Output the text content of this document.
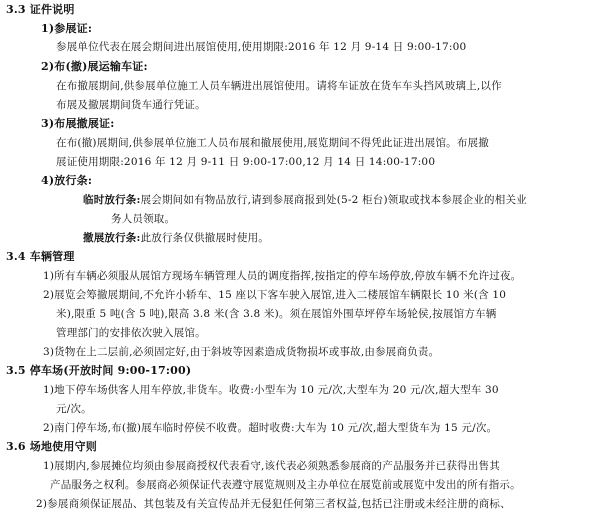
3.3 证件说明
1)参展证:
参展单位代表在展会期间进出展馆使用,使用期限:2016 年 12 月 9-14 日 9:00-17:00
2)布(撤)展运输车证:
在布撤展期间,供参展单位施工人员车辆进出展馆使用。请将车证放在货车车头挡风玻璃上,以作
布展及撤展期间货车通行凭证。
3)布展撤展证:
在布(撤)展期间,供参展单位施工人员布展和撤展使用,展览期间不得凭此证进出展馆。布展撤
展证使用期限:2016 年 12 月 9-11 日 9:00-17:00,12 月 14 日 14:00-17:00
4)放行条:
临时放行条:展会期间如有物品放行,请到参展商报到处(5-2 柜台)领取或找本参展企业的相关业
务人员领取。
撤展放行条:此放行条仅供撤展时使用。
3.4 车辆管理
1)所有车辆必须服从展馆方现场车辆管理人员的调度指挥,按指定的停车场停放,停放车辆不允许过夜。
2)展览会筹撤展期间,不允许小轿车、15 座以下客车驶入展馆,进入二楼展馆车辆限长 10 米(含 10
米),限重 5 吨(含 5 吨),限高 3.8 米(含 3.8 米)。须在展馆外围草坪停车场轮侯,按展馆方车辆
管理部门的安排依次驶入展馆。
3)货物在上二层前,必须固定好,由于斜坡等因素造成货物损坏或事故,由参展商负责。
3.5 停车场(开放时间 9:00-17:00)
1)地下停车场供客人用车停放,非货车。收费:小型车为 10 元/次,大型车为 20 元/次,超大型车 30
元/次。
2)南门停车场,布(撤)展车临时停侯不收费。超时收费:大车为 10 元/次,超大型货车为 15 元/次。
3.6 场地使用守则
1)展期内,参展摊位均须由参展商授权代表看守,该代表必须熟悉参展商的产品服务并已获得出售其
产品服务之权利。参展商必须保证代表遵守展览规则及主办单位在展览前或展览中发出的所有指示。
2)参展商须保证展品、其包装及有关宣传品并无侵犯任何第三者权益,包括已注册或未经注册的商标、
